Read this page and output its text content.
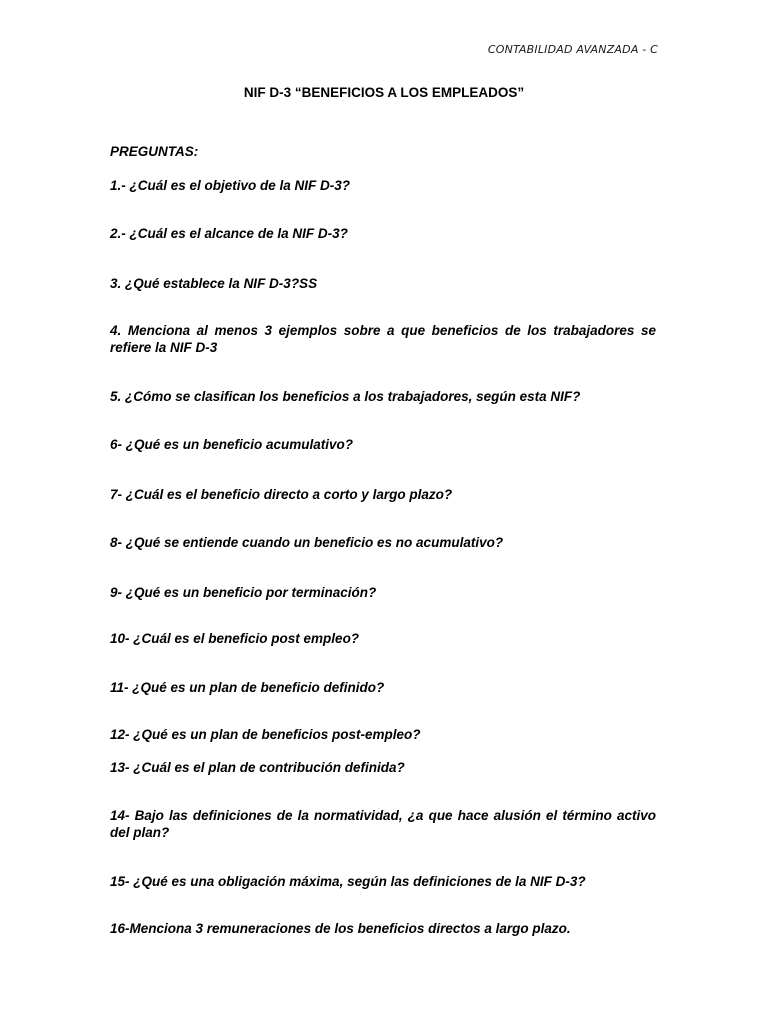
CONTABILIDAD AVANZADA - C
NIF D-3 “BENEFICIOS A LOS EMPLEADOS”
PREGUNTAS:

1.- ¿Cuál es el objetivo de la NIF D-3?

2.- ¿Cuál es el alcance de la NIF D-3?

3. ¿Qué establece la NIF D-3?SS

4. Menciona al menos 3 ejemplos sobre a que beneficios de los trabajadores se refiere la NIF D-3

5. ¿Cómo se clasifican los beneficios a los trabajadores, según esta NIF?

6- ¿Qué es un beneficio acumulativo?

7- ¿Cuál es el beneficio directo a corto y largo plazo?

8- ¿Qué se entiende cuando un beneficio es no acumulativo?

9- ¿Qué es un beneficio por terminación?

10- ¿Cuál es el beneficio post empleo?

11- ¿Qué es un plan de beneficio definido?

12- ¿Qué es un plan de beneficios post-empleo?

13- ¿Cuál es el plan de contribución definida?

14- Bajo las definiciones de la normatividad, ¿a que hace alusión el término activo del plan?

15- ¿Qué es una obligación máxima, según las definiciones de la NIF D-3?

16-Menciona 3 remuneraciones de los beneficios directos a largo plazo.
